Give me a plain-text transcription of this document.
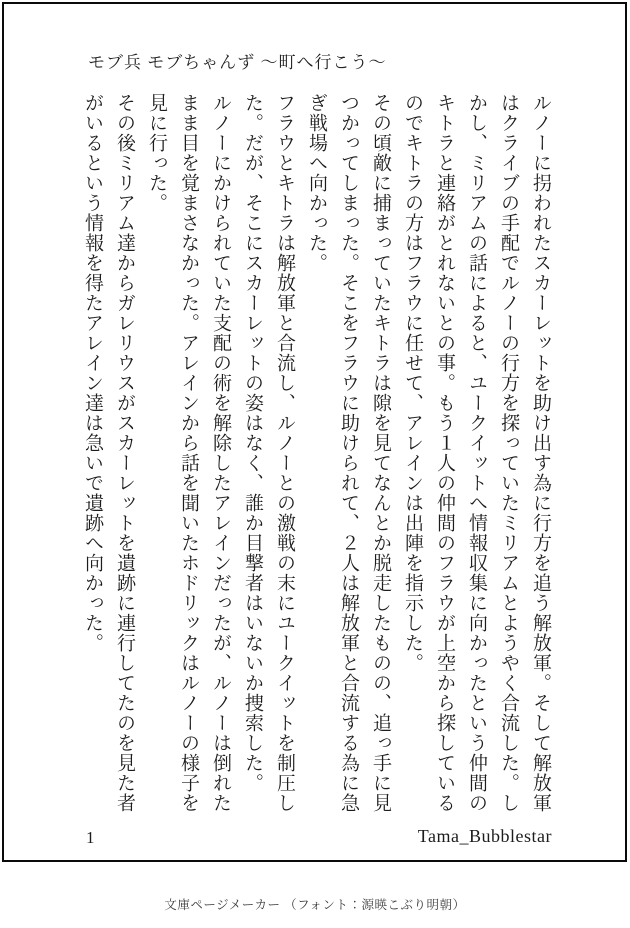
モブ兵 モブちゃんず ～町へ行こう～
ルノーに拐われたスカーレットを助け出す為に行方を追う解放軍。そして解放軍
はクライブの手配でルノーの行方を探っていたミリアムとようやく合流した。し
かし、ミリアムの話によると、ユークイットへ情報収集に向かったという仲間の
キトラと連絡がとれないとの事。もう１人の仲間のフラウが上空から探している
のでキトラの方はフラウに任せて、アレインは出陣を指示した。
その頃敵に捕まっていたキトラは隙を見てなんとか脱走したものの、追っ手に見
つかってしまった。そこをフラウに助けられて、２人は解放軍と合流する為に急
ぎ戦場へ向かった。
フラウとキトラは解放軍と合流し、ルノーとの激戦の末にユークイットを制圧し
た。だが、そこにスカーレットの姿はなく、誰か目撃者はいないか捜索した。
ルノーにかけられていた支配の術を解除したアレインだったが、ルノーは倒れた
まま目を覚まさなかった。アレインから話を聞いたホドリックはルノーの様子を
見に行った。
その後ミリアム達からガレリウスがスカーレットを遺跡に連行してたのを見た者
がいるという情報を得たアレイン達は急いで遺跡へ向かった。
1	Tama_Bubblestar
文庫ページメーカー （フォント：源暎こぶり明朝）
